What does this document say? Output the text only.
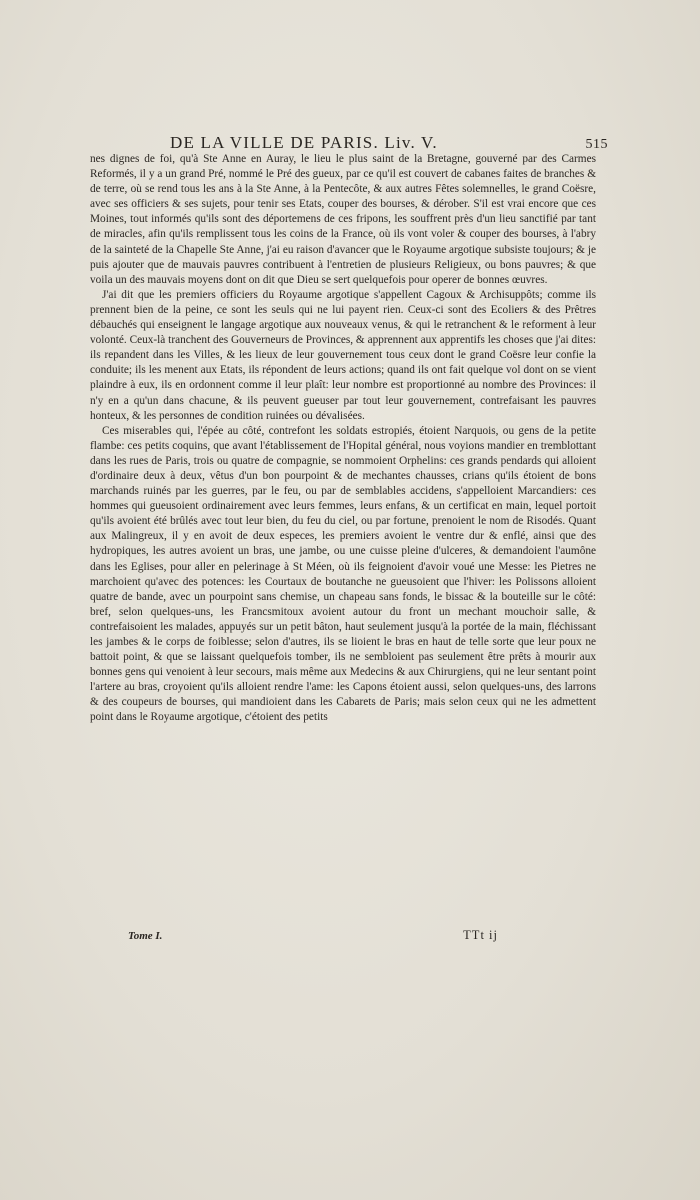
DE LA VILLE DE PARIS. Liv. V.	515

nes dignes de foi, qu'à Ste Anne en Auray, le lieu le plus saint de la Bretagne, gouverné par des Carmes Reformés, il y a un grand Pré, nommé le Pré des gueux, par ce qu'il est couvert de cabanes faites de branches & de terre, où se rend tous les ans à la Ste Anne, à la Pentecôte, & aux autres Fêtes solemnelles, le grand Coësre, avec ses officiers & ses sujets, pour tenir ses Etats, couper des bourses, & dérober. S'il est vrai encore que ces Moines, tout informés qu'ils sont des déportemens de ces fripons, les souffrent près d'un lieu sanctifié par tant de miracles, afin qu'ils remplissent tous les coins de la France, où ils vont voler & couper des bourses, à l'abry de la sainteté de la Chapelle Ste Anne, j'ai eu raison d'avancer que le Royaume argotique subsiste toujours; & je puis ajouter que de mauvais pauvres contribuent à l'entretien de plusieurs Religieux, ou bons pauvres; & que voila un des mauvais moyens dont on dit que Dieu se sert quelquefois pour operer de bonnes œuvres.

J'ai dit que les premiers officiers du Royaume argotique s'appellent Cagoux & Archisuppôts; comme ils prennent bien de la peine, ce sont les seuls qui ne lui payent rien. Ceux-ci sont des Ecoliers & des Prêtres débauchés qui enseignent le langage argotique aux nouveaux venus, & qui le retranchent & le reforment à leur volonté. Ceux-là tranchent des Gouverneurs de Provinces, & apprennent aux apprentifs les choses que j'ai dites: ils repandent dans les Villes, & les lieux de leur gouvernement tous ceux dont le grand Coësre leur confie la conduite; ils les menent aux Etats, ils répondent de leurs actions; quand ils ont fait quelque vol dont on se vient plaindre à eux, ils en ordonnent comme il leur plaît: leur nombre est proportionné au nombre des Provinces: il n'y en a qu'un dans chacune, & ils peuvent gueuser par tout leur gouvernement, contrefaisant les pauvres honteux, & les personnes de condition ruinées ou dévalisées.

Ces miserables qui, l'épée au côté, contrefont les soldats estropiés, étoient Narquois, ou gens de la petite flambe: ces petits coquins, que avant l'établissement de l'Hopital général, nous voyions mandier en tremblottant dans les rues de Paris, trois ou quatre de compagnie, se nommoient Orphelins: ces grands pendards qui alloient d'ordinaire deux à deux, vêtus d'un bon pourpoint & de mechantes chausses, crians qu'ils étoient de bons marchands ruinés par les guerres, par le feu, ou par de semblables accidens, s'appelloient Marcandiers: ces hommes qui gueusoient ordinairement avec leurs femmes, leurs enfans, & un certificat en main, lequel portoit qu'ils avoient été brûlés avec tout leur bien, du feu du ciel, ou par fortune, prenoient le nom de Risodés. Quant aux Malingreux, il y en avoit de deux especes, les premiers avoient le ventre dur & enflé, ainsi que des hydropiques, les autres avoient un bras, une jambe, ou une cuisse pleine d'ulceres, & demandoient l'aumône dans les Eglises, pour aller en pelerinage à St Méen, où ils feignoient d'avoir voué une Messe: les Pietres ne marchoient qu'avec des potences: les Courtaux de boutanche ne gueusoient que l'hiver: les Polissons alloient quatre de bande, avec un pourpoint sans chemise, un chapeau sans fonds, le bissac & la bouteille sur le côté: bref, selon quelques-uns, les Francsmitoux avoient autour du front un mechant mouchoir salle, & contrefaisoient les malades, appuyés sur un petit bâton, haut seulement jusqu'à la portée de la main, fléchissant les jambes & le corps de foiblesse; selon d'autres, ils se lioient le bras en haut de telle sorte que leur poux ne battoit point, & que se laissant quelquefois tomber, ils ne sembloient pas seulement être prêts à mourir aux bonnes gens qui venoient à leur secours, mais même aux Medecins & aux Chirurgiens, qui ne leur sentant point l'artere au bras, croyoient qu'ils alloient rendre l'ame: les Capons étoient aussi, selon quelques-uns, des larrons & des coupeurs de bourses, qui mandioient dans les Cabarets de Paris; mais selon ceux qui ne les admettent point dans le Royaume argotique, c'étoient des petits

Tome I.	TTt ij
